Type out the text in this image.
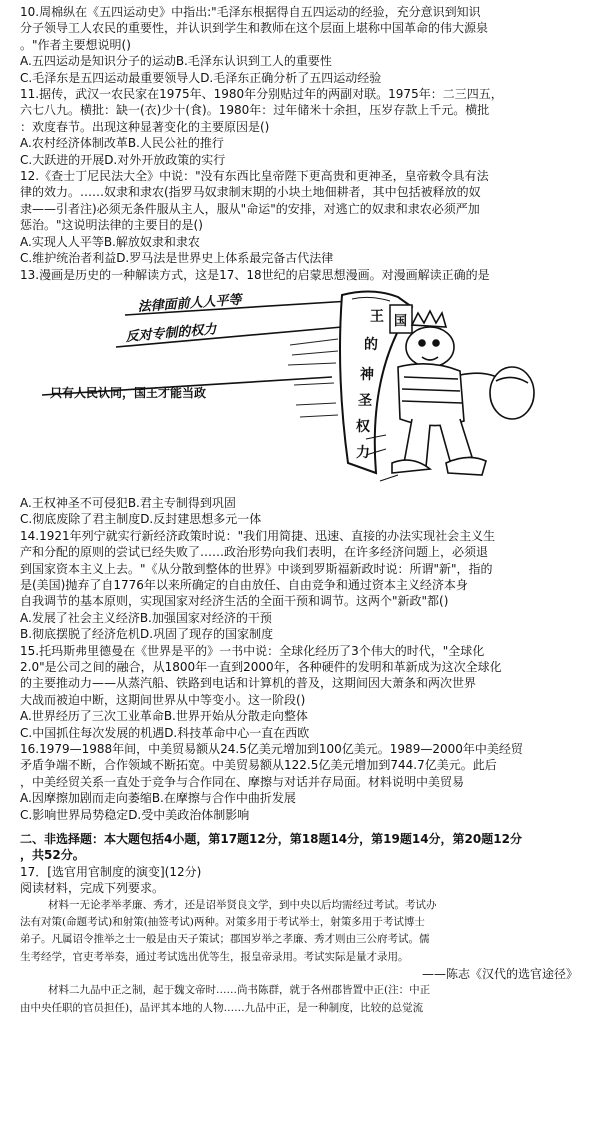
10.周棉纵在《五四运动史》中指出:"毛泽东根据得自五四运动的经验，充分意识到知识
分子领导工人农民的重要性，并认识到学生和教师在这个层面上堪称中国革命的伟大源泉
。"作者主要想说明()
A.五四运动是知识分子的运动B.毛泽东认识到工人的重要性
C.毛泽东是五四运动最重要领导人D.毛泽东正确分析了五四运动经验
11.据传，武汉一农民家在1975年、1980年分别贴过年的两副对联。1975年：二三四五，
六七八九。横批：缺一(衣)少十(食)。1980年：过年储米十余担，压岁存款上千元。横批
：欢度春节。出现这种显著变化的主要原因是()
A.农村经济体制改革B.人民公社的推行
C.大跃进的开展D.对外开放政策的实行
12.《查士丁尼民法大全》中说："没有东西比皇帝陛下更高贵和更神圣，皇帝敕令具有法
律的效力。……奴隶和隶农(指罗马奴隶制末期的小块土地佃耕者，其中包括被释放的奴
隶——引者注)必须无条件服从主人，服从"命运"的安排，对逃亡的奴隶和隶农必须严加
惩治。"这说明法律的主要目的是()
A.实现人人平等B.解放奴隶和隶农
C.维护统治者利益D.罗马法是世界史上体系最完备古代法律
13.漫画是历史的一种解读方式，这是17、18世纪的启蒙思想漫画。对漫画解读正确的是
法律面前人人平等
反对专制的权力
只有人民认同，国王才能当政
国
王
的
神
圣
权
力
A.王权神圣不可侵犯B.君主专制得到巩固
C.彻底废除了君主制度D.反封建思想多元一体
14.1921年列宁就实行新经济政策时说："我们用简捷、迅速、直接的办法实现社会主义生
产和分配的原则的尝试已经失败了……政治形势向我们表明，在许多经济问题上，必须退
到国家资本主义上去。"《从分散到整体的世界》中谈到罗斯福新政时说：所谓"新"，指的
是(美国)抛弃了自1776年以来所确定的自由放任、自由竞争和通过资本主义经济本身
自我调节的基本原则，实现国家对经济生活的全面干预和调节。这两个"新政"都()
A.发展了社会主义经济B.加强国家对经济的干预
B.彻底摆脱了经济危机D.巩固了现存的国家制度
15.托玛斯弗里德曼在《世界是平的》一书中说：全球化经历了3个伟大的时代，"全球化
2.0"是公司之间的融合，从1800年一直到2000年，各种硬件的发明和革新成为这次全球化
的主要推动力——从蒸汽船、铁路到电话和计算机的普及，这期间因大萧条和两次世界
大战而被迫中断，这期间世界从中等变小。这一阶段()
A.世界经历了三次工业革命B.世界开始从分散走向整体
C.中国抓住每次发展的机遇D.科技革命中心一直在西欧
16.1979—1988年间，中美贸易额从24.5亿美元增加到100亿美元。1989—2000年中美经贸
矛盾争端不断，合作领域不断拓宽。中美贸易额从122.5亿美元增加到744.7亿美元。此后
，中美经贸关系一直处于竞争与合作同在、摩擦与对话并存局面。材料说明中美贸易
A.因摩擦加剧而走向萎缩B.在摩擦与合作中曲折发展
C.影响世界局势稳定D.受中美政治体制影响
二、非选择题：本大题包括4小题，第17题12分，第18题14分，第19题14分，第20题12分
，共52分。
17．[选官用官制度的演变](12分)
阅读材料，完成下列要求。
材料一无论孝举孝廉、秀才，还是诏举贤良文学，到中央以后均需经过考试。考试办
法有对策(命题考试)和射策(抽签考试)两种。对策多用于考试举士，射策多用于考试博士
弟子。凡属诏令推举之士一般是由天子策试；郡国岁举之孝廉、秀才则由三公府考试。儒
生考经学，官吏考举奏，通过考试选出优等生，报皇帝录用。考试实际是量才录用。
——陈志《汉代的选官途径》
材料二九品中正之制，起于魏文帝时……尚书陈群，就于各州郡皆置中正(注：中正
由中央任职的官员担任)，品评其本地的人物……九品中正，是一种制度，比较的总觉流
